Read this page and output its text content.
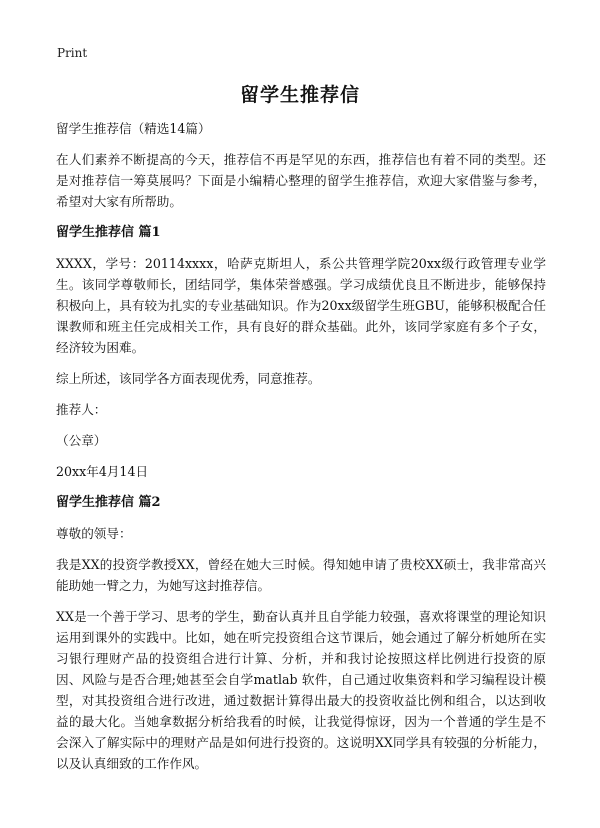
Print
留学生推荐信

留学生推荐信（精选14篇）

在人们素养不断提高的今天，推荐信不再是罕见的东西，推荐信也有着不同的类型。还是对推荐信一筹莫展吗？下面是小编精心整理的留学生推荐信，欢迎大家借鉴与参考，希望对大家有所帮助。

留学生推荐信 篇1

XXXX，学号：20114xxxx，哈萨克斯坦人，系公共管理学院20xx级行政管理专业学生。该同学尊敬师长，团结同学，集体荣誉感强。学习成绩优良且不断进步，能够保持积极向上，具有较为扎实的专业基础知识。作为20xx级留学生班GBU，能够积极配合任课教师和班主任完成相关工作，具有良好的群众基础。此外，该同学家庭有多个子女，经济较为困难。

综上所述，该同学各方面表现优秀，同意推荐。

推荐人：

（公章）

20xx年4月14日

留学生推荐信 篇2

尊敬的领导：

我是XX的投资学教授XX，曾经在她大三时候。得知她申请了贵校XX硕士，我非常高兴能助她一臂之力，为她写这封推荐信。

XX是一个善于学习、思考的学生，勤奋认真并且自学能力较强，喜欢将课堂的理论知识运用到课外的实践中。比如，她在听完投资组合这节课后，她会通过了解分析她所在实习银行理财产品的投资组合进行计算、分析，并和我讨论按照这样比例进行投资的原因、风险与是否合理;她甚至会自学matlab 软件，自己通过收集资料和学习编程设计模型，对其投资组合进行改进，通过数据计算得出最大的投资收益比例和组合，以达到收益的最大化。当她拿数据分析给我看的时候，让我觉得惊讶，因为一个普通的学生是不会深入了解实际中的理财产品是如何进行投资的。这说明XX同学具有较强的分析能力，以及认真细致的工作作风。
